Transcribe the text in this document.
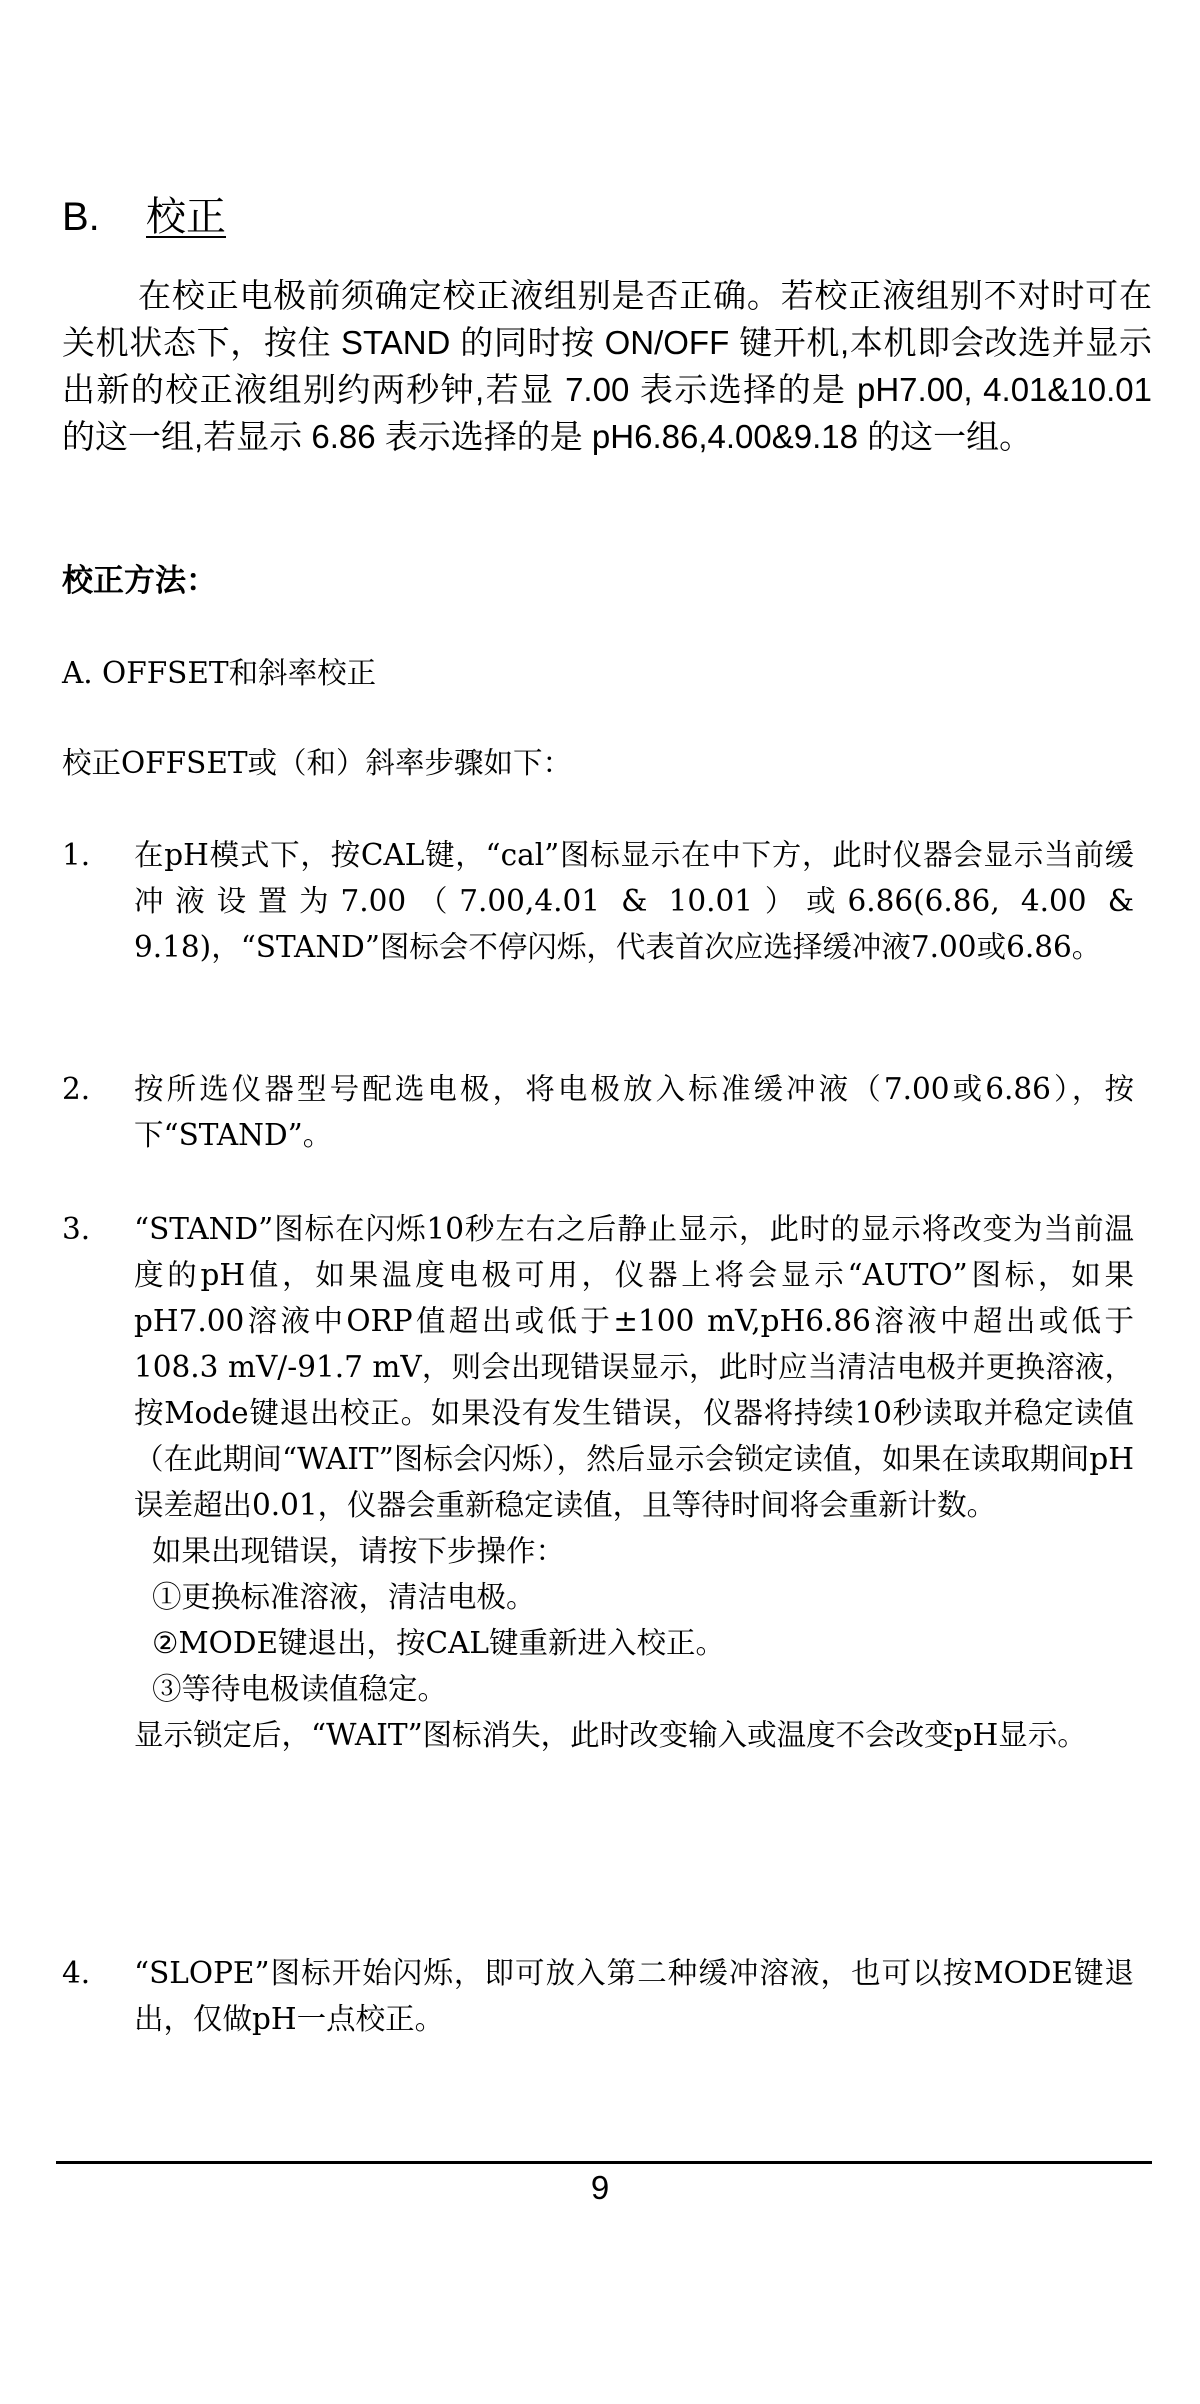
B. 校正
在校正电极前须确定校正液组别是否正确。若校正液组别不对时可在关机状态下，按住 STAND 的同时按 ON/OFF 键开机,本机即会改选并显示出新的校正液组别约两秒钟,若显 7.00 表示选择的是 pH7.00, 4.01&10.01 的这一组,若显示 6.86 表示选择的是 pH6.86,4.00&9.18 的这一组。
校正方法：
A. OFFSET和斜率校正
校正OFFSET或（和）斜率步骤如下：
1.	在pH模式下，按CAL键，“cal”图标显示在中下方，此时仪器会显示当前缓冲液设置为7.00（7.00,4.01 & 10.01）或6.86(6.86, 4.00 & 9.18)，“STAND”图标会不停闪烁，代表首次应选择缓冲液7.00或6.86。

2.	按所选仪器型号配选电极，将电极放入标准缓冲液（7.00或6.86），按下“STAND”。

3.	“STAND”图标在闪烁10秒左右之后静止显示，此时的显示将改变为当前温度的pH值，如果温度电极可用，仪器上将会显示“AUTO”图标，如果pH7.00溶液中ORP值超出或低于±100 mV,pH6.86溶液中超出或低于108.3 mV/-91.7 mV，则会出现错误显示，此时应当清洁电极并更换溶液，按Mode键退出校正。如果没有发生错误，仪器将持续10秒读取并稳定读值（在此期间“WAIT”图标会闪烁），然后显示会锁定读值，如果在读取期间pH误差超出0.01，仪器会重新稳定读值，且等待时间将会重新计数。

如果出现错误，请按下步操作：

①更换标准溶液，清洁电极。

②MODE键退出，按CAL键重新进入校正。

③等待电极读值稳定。

显示锁定后，“WAIT”图标消失，此时改变输入或温度不会改变pH显示。

4.	“SLOPE”图标开始闪烁，即可放入第二种缓冲溶液，也可以按MODE键退出，仅做pH一点校正。

9
